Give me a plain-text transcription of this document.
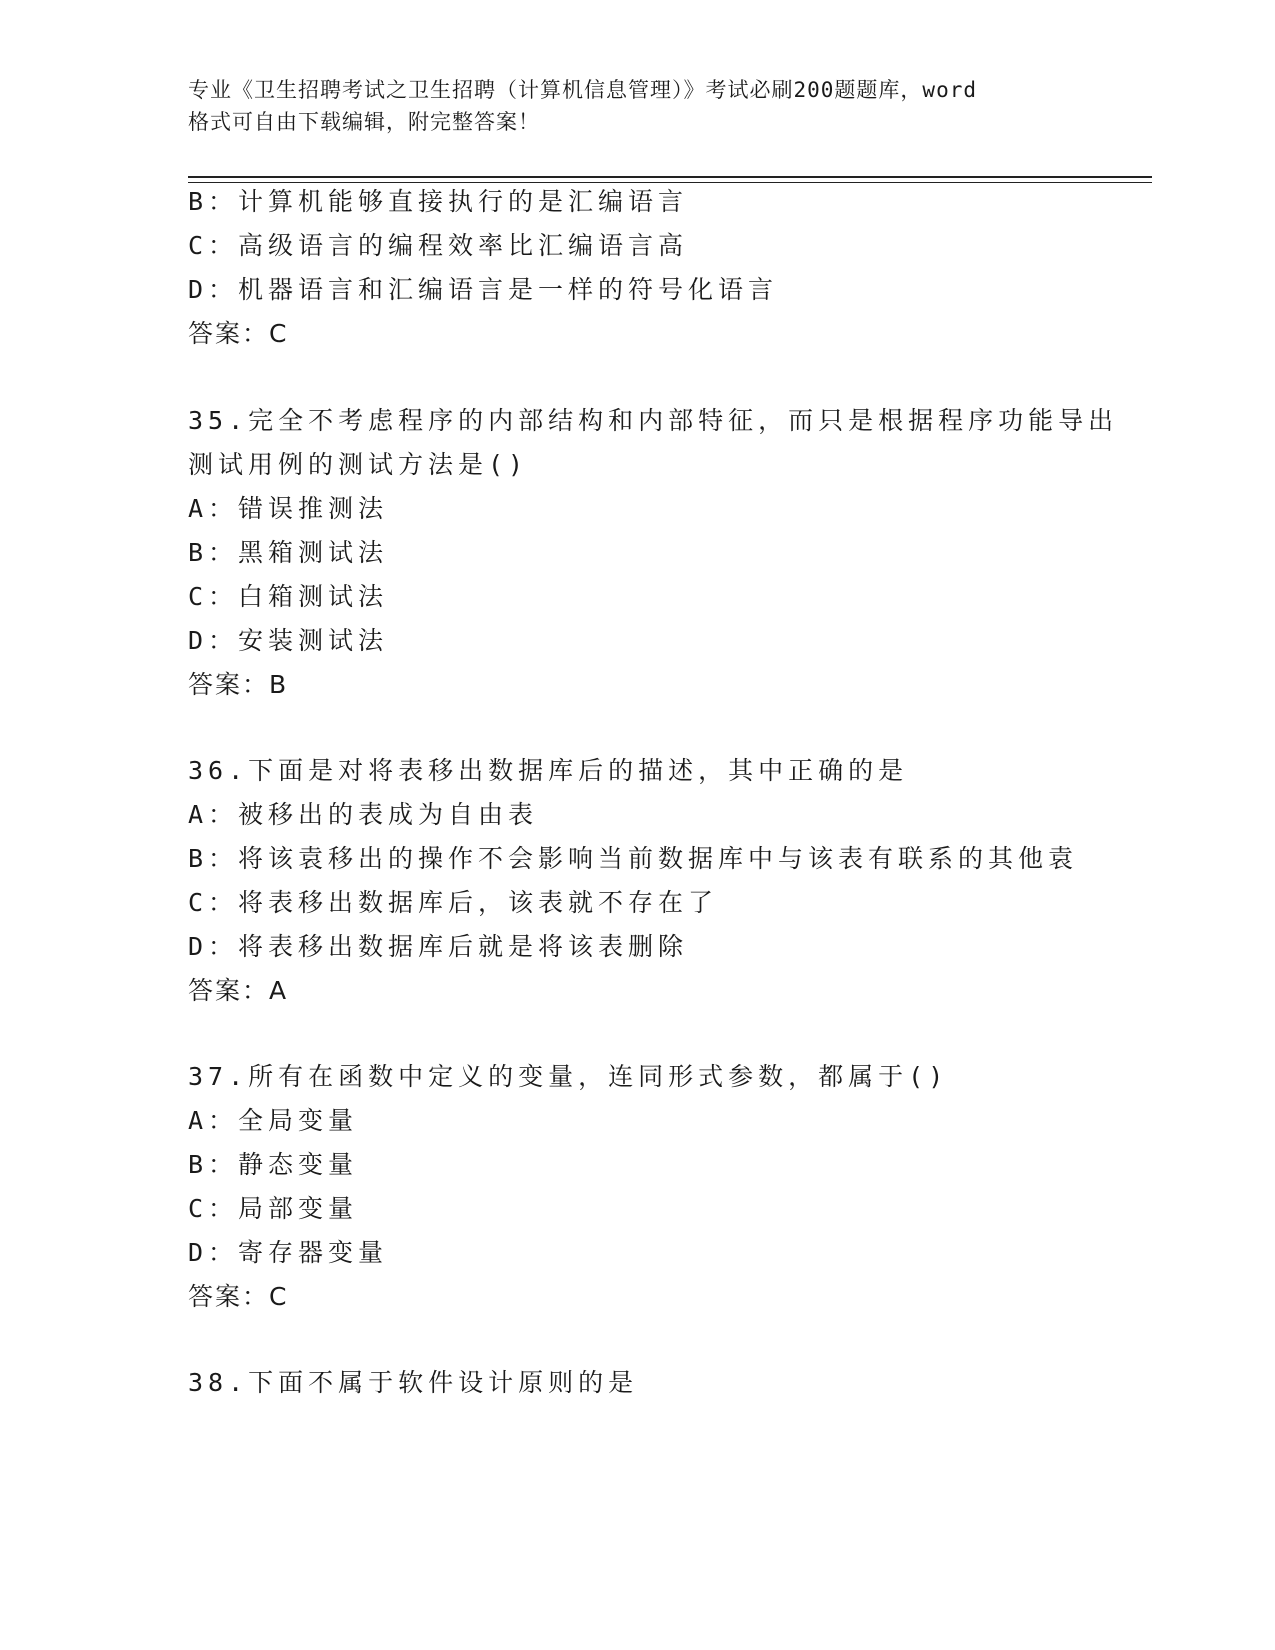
专业《卫生招聘考试之卫生招聘（计算机信息管理）》考试必刷200题题库，word
格式可自由下载编辑，附完整答案！
B：计算机能够直接执行的是汇编语言
C：高级语言的编程效率比汇编语言高
D：机器语言和汇编语言是一样的符号化语言
答案：C
35.完全不考虑程序的内部结构和内部特征，而只是根据程序功能导出
测试用例的测试方法是()
A：错误推测法
B：黑箱测试法
C：白箱测试法
D：安装测试法
答案：B
36.下面是对将表移出数据库后的描述，其中正确的是
A：被移出的表成为自由表
B：将该袁移出的操作不会影响当前数据库中与该表有联系的其他袁
C：将表移出数据库后，该表就不存在了
D：将表移出数据库后就是将该表删除
答案：A
37.所有在函数中定义的变量，连同形式参数，都属于()
A：全局变量
B：静态变量
C：局部变量
D：寄存器变量
答案：C
38.下面不属于软件设计原则的是
